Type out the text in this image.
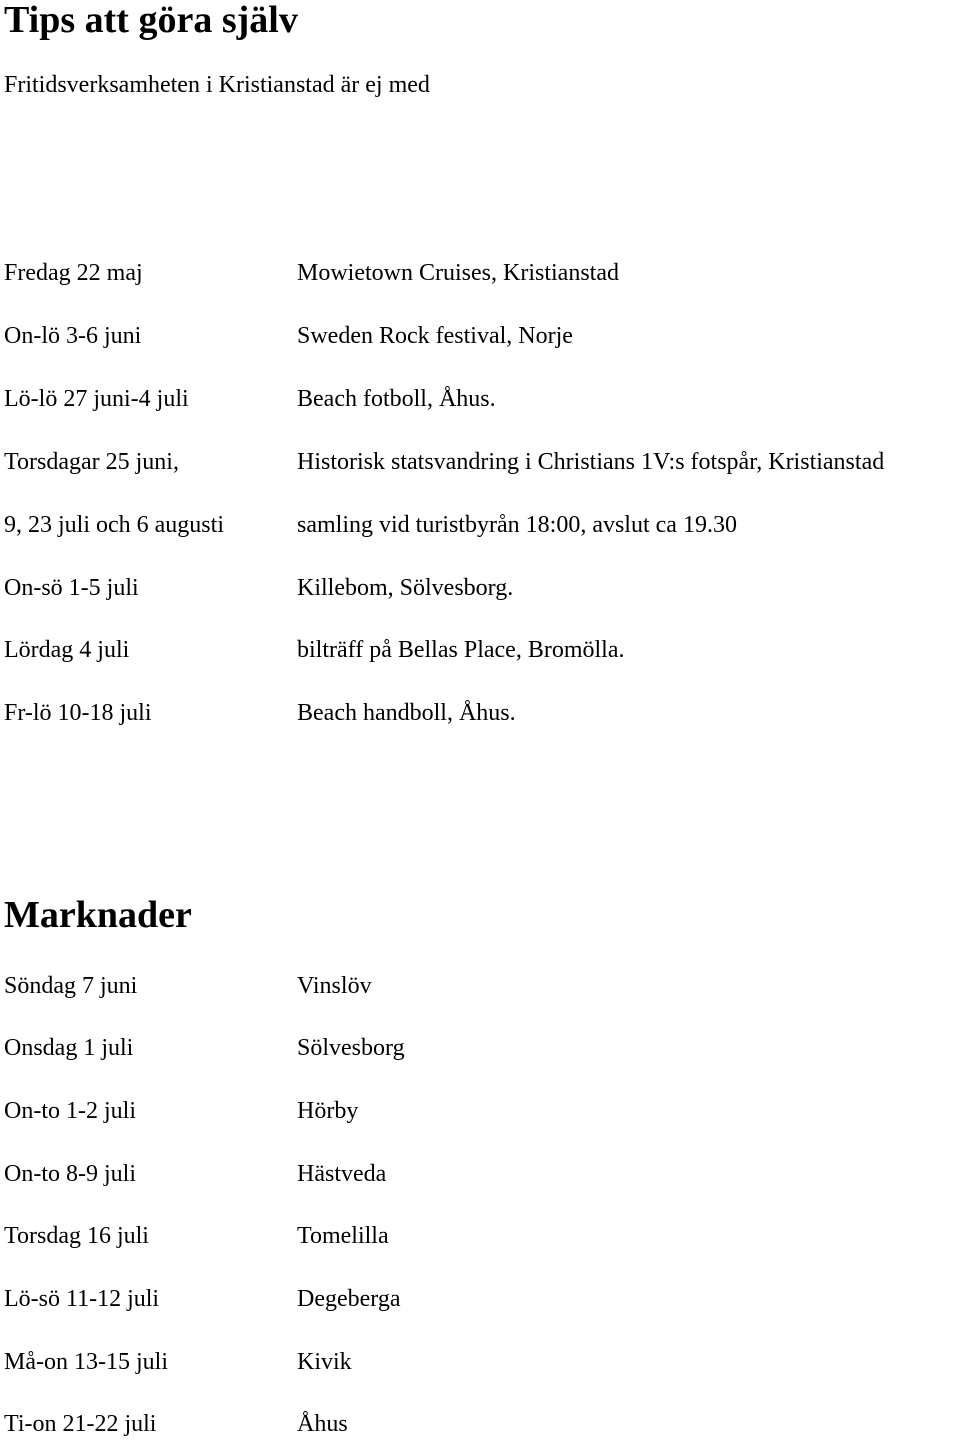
Tips att göra själv
Fritidsverksamheten i Kristianstad är ej med
Fredag 22 maj	Mowietown Cruises, Kristianstad
On-lö 3-6 juni	Sweden Rock festival, Norje
Lö-lö 27 juni-4 juli	Beach fotboll, Åhus.
Torsdagar 25 juni,	Historisk statsvandring i Christians 1V:s fotspår, Kristianstad
9, 23 juli och 6 augusti	samling vid turistbyrån 18:00, avslut ca 19.30
On-sö 1-5 juli	Killebom, Sölvesborg.
Lördag 4 juli	bilträff på Bellas Place, Bromölla.
Fr-lö 10-18 juli	Beach handboll, Åhus.
Marknader
Söndag 7 juni	Vinslöv
Onsdag 1 juli	Sölvesborg
On-to 1-2 juli	Hörby
On-to 8-9 juli	Hästveda
Torsdag 16 juli	Tomelilla
Lö-sö 11-12 juli	Degeberga
Må-on 13-15 juli	Kivik
Ti-on 21-22 juli	Åhus
